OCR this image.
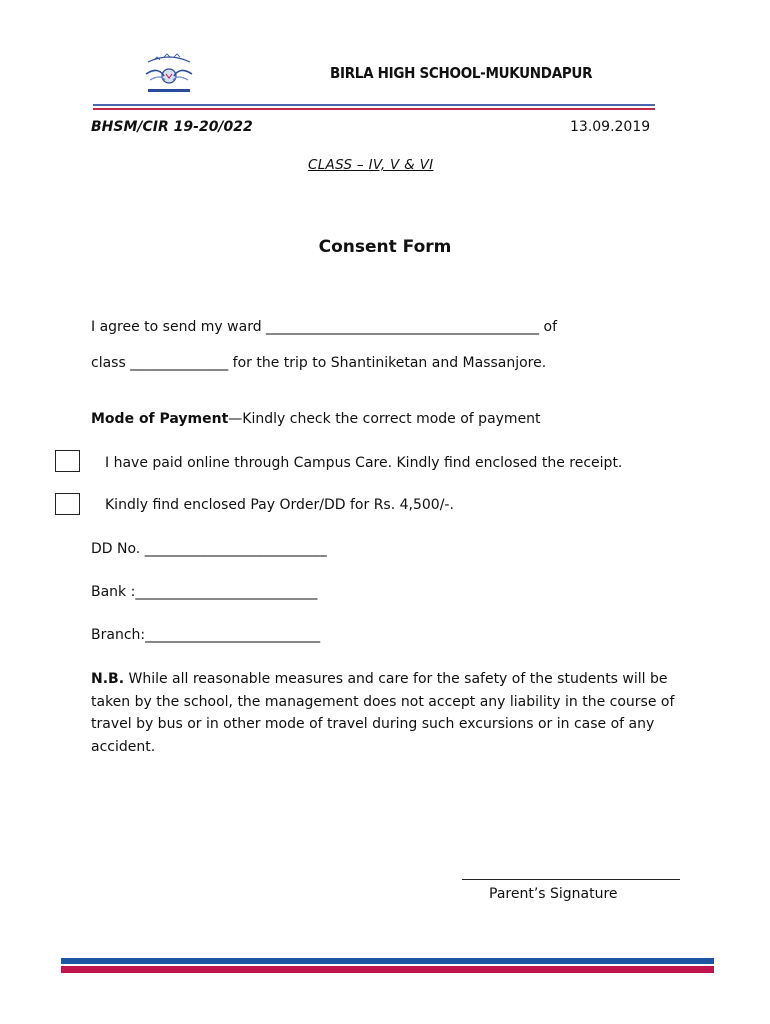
BIRLA HIGH SCHOOL-MUKUNDAPUR
BHSM/CIR 19-20/022	13.09.2019
CLASS – IV, V & VI
Consent Form
I agree to send my ward _______________________________________ of
class ______________ for the trip to Shantiniketan and Massanjore.
Mode of Payment—Kindly check the correct mode of payment
I have paid online through Campus Care. Kindly find enclosed the receipt.
Kindly find enclosed Pay Order/DD for Rs. 4,500/-.
DD No. __________________________
Bank :__________________________
Branch:_________________________
N.B. While all reasonable measures and care for the safety of the students will be taken by the school, the management does not accept any liability in the course of travel by bus or in other mode of travel during such excursions or in case of any accident.
Parent’s Signature
